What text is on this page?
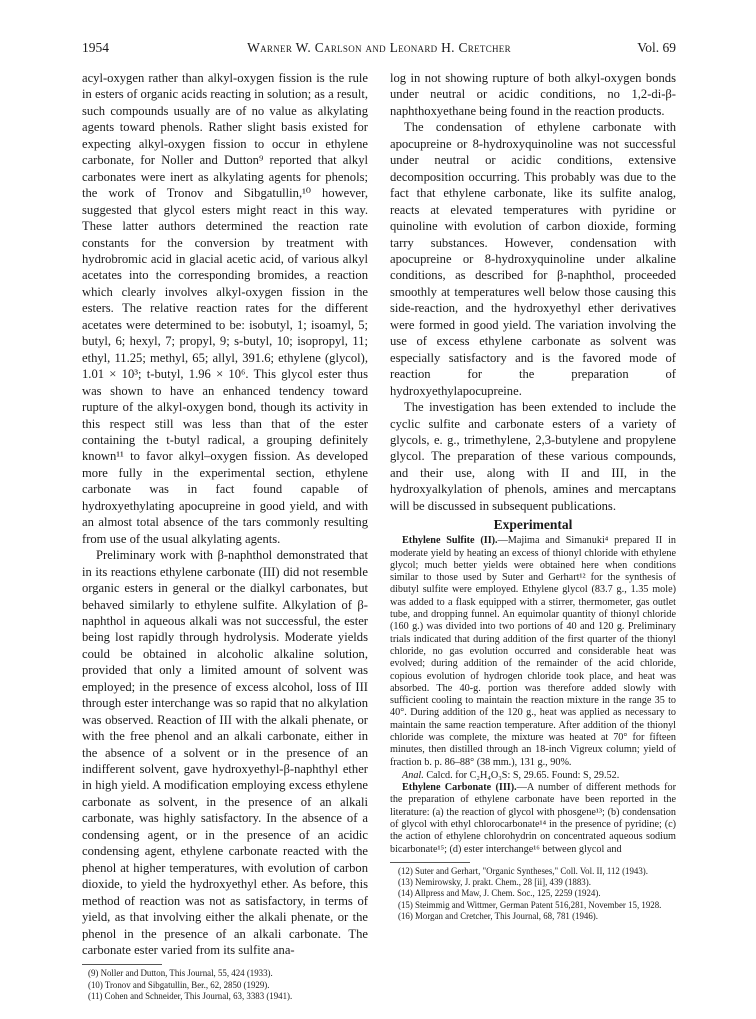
1954	Warner W. Carlson and Leonard H. Cretcher	Vol. 69

acyl-oxygen rather than alkyl-oxygen fission is the rule in esters of organic acids reacting in solution; as a result, such compounds usually are of no value as alkylating agents toward phenols. Rather slight basis existed for expecting alkyl-oxygen fission to occur in ethylene carbonate, for Noller and Dutton⁹ reported that alkyl carbonates were inert as alkylating agents for phenols; the work of Tronov and Sibgatullin,¹⁰ however, suggested that glycol esters might react in this way. These latter authors determined the reaction rate constants for the conversion by treatment with hydrobromic acid in glacial acetic acid, of various alkyl acetates into the corresponding bromides, a reaction which clearly involves alkyl-oxygen fission in the esters. The relative reaction rates for the different acetates were determined to be: isobutyl, 1; isoamyl, 5; butyl, 6; hexyl, 7; propyl, 9; s-butyl, 10; isopropyl, 11; ethyl, 11.25; methyl, 65; allyl, 391.6; ethylene (glycol), 1.01 × 10³; t-butyl, 1.96 × 10⁶. This glycol ester thus was shown to have an enhanced tendency toward rupture of the alkyl-oxygen bond, though its activity in this respect still was less than that of the ester containing the t-butyl radical, a grouping definitely known¹¹ to favor alkyl–oxygen fission. As developed more fully in the experimental section, ethylene carbonate was in fact found capable of hydroxyethylating apocupreine in good yield, and with an almost total absence of the tars commonly resulting from use of the usual alkylating agents.

Preliminary work with β-naphthol demonstrated that in its reactions ethylene carbonate (III) did not resemble organic esters in general or the dialkyl carbonates, but behaved similarly to ethylene sulfite. Alkylation of β-naphthol in aqueous alkali was not successful, the ester being lost rapidly through hydrolysis. Moderate yields could be obtained in alcoholic alkaline solution, provided that only a limited amount of solvent was employed; in the presence of excess alcohol, loss of III through ester interchange was so rapid that no alkylation was observed. Reaction of III with the alkali phenate, or with the free phenol and an alkali carbonate, either in the absence of a solvent or in the presence of an indifferent solvent, gave hydroxyethyl-β-naphthyl ether in high yield. A modification employing excess ethylene carbonate as solvent, in the presence of an alkali carbonate, was highly satisfactory. In the absence of a condensing agent, or in the presence of an acidic condensing agent, ethylene carbonate reacted with the phenol at higher temperatures, with evolution of carbon dioxide, to yield the hydroxyethyl ether. As before, this method of reaction was not as satisfactory, in terms of yield, as that involving either the alkali phenate, or the phenol in the presence of an alkali carbonate. The carbonate ester varied from its sulfite ana-

(9) Noller and Dutton, This Journal, 55, 424 (1933).
(10) Tronov and Sibgatullin, Ber., 62, 2850 (1929).
(11) Cohen and Schneider, This Journal, 63, 3383 (1941).

log in not showing rupture of both alkyl-oxygen bonds under neutral or acidic conditions, no 1,2-di-β-naphthoxyethane being found in the reaction products.

The condensation of ethylene carbonate with apocupreine or 8-hydroxyquinoline was not successful under neutral or acidic conditions, extensive decomposition occurring. This probably was due to the fact that ethylene carbonate, like its sulfite analog, reacts at elevated temperatures with pyridine or quinoline with evolution of carbon dioxide, forming tarry substances. However, condensation with apocupreine or 8-hydroxyquinoline under alkaline conditions, as described for β-naphthol, proceeded smoothly at temperatures well below those causing this side-reaction, and the hydroxyethyl ether derivatives were formed in good yield. The variation involving the use of excess ethylene carbonate as solvent was especially satisfactory and is the favored mode of reaction for the preparation of hydroxyethylapocupreine.

The investigation has been extended to include the cyclic sulfite and carbonate esters of a variety of glycols, e. g., trimethylene, 2,3-butylene and propylene glycol. The preparation of these various compounds, and their use, along with II and III, in the hydroxyalkylation of phenols, amines and mercaptans will be discussed in subsequent publications.

Experimental

Ethylene Sulfite (II).—Majima and Simanuki⁴ prepared II in moderate yield by heating an excess of thionyl chloride with ethylene glycol; much better yields were obtained here when conditions similar to those used by Suter and Gerhart¹² for the synthesis of dibutyl sulfite were employed. Ethylene glycol (83.7 g., 1.35 mole) was added to a flask equipped with a stirrer, thermometer, gas outlet tube, and dropping funnel. An equimolar quantity of thionyl chloride (160 g.) was divided into two portions of 40 and 120 g. Preliminary trials indicated that during addition of the first quarter of the thionyl chloride, no gas evolution occurred and considerable heat was evolved; during addition of the remainder of the acid chloride, copious evolution of hydrogen chloride took place, and heat was absorbed. The 40-g. portion was therefore added slowly with sufficient cooling to maintain the reaction mixture in the range 35 to 40°. During addition of the 120 g., heat was applied as necessary to maintain the same reaction temperature. After addition of the thionyl chloride was complete, the mixture was heated at 70° for fifteen minutes, then distilled through an 18-inch Vigreux column; yield of fraction b. p. 86–88° (38 mm.), 131 g., 90%.

Anal. Calcd. for C₂H₄O₃S: S, 29.65. Found: S, 29.52.

Ethylene Carbonate (III).—A number of different methods for the preparation of ethylene carbonate have been reported in the literature: (a) the reaction of glycol with phosgene¹³; (b) condensation of glycol with ethyl chlorocarbonate¹⁴ in the presence of pyridine; (c) the action of ethylene chlorohydrin on concentrated aqueous sodium bicarbonate¹⁵; (d) ester interchange¹⁶ between glycol and

(12) Suter and Gerhart, "Organic Syntheses," Coll. Vol. II, 112 (1943).
(13) Nemirowsky, J. prakt. Chem., 28 [ii], 439 (1883).
(14) Allpress and Maw, J. Chem. Soc., 125, 2259 (1924).
(15) Steimmig and Wittmer, German Patent 516,281, November 15, 1928.
(16) Morgan and Cretcher, This Journal, 68, 781 (1946).
